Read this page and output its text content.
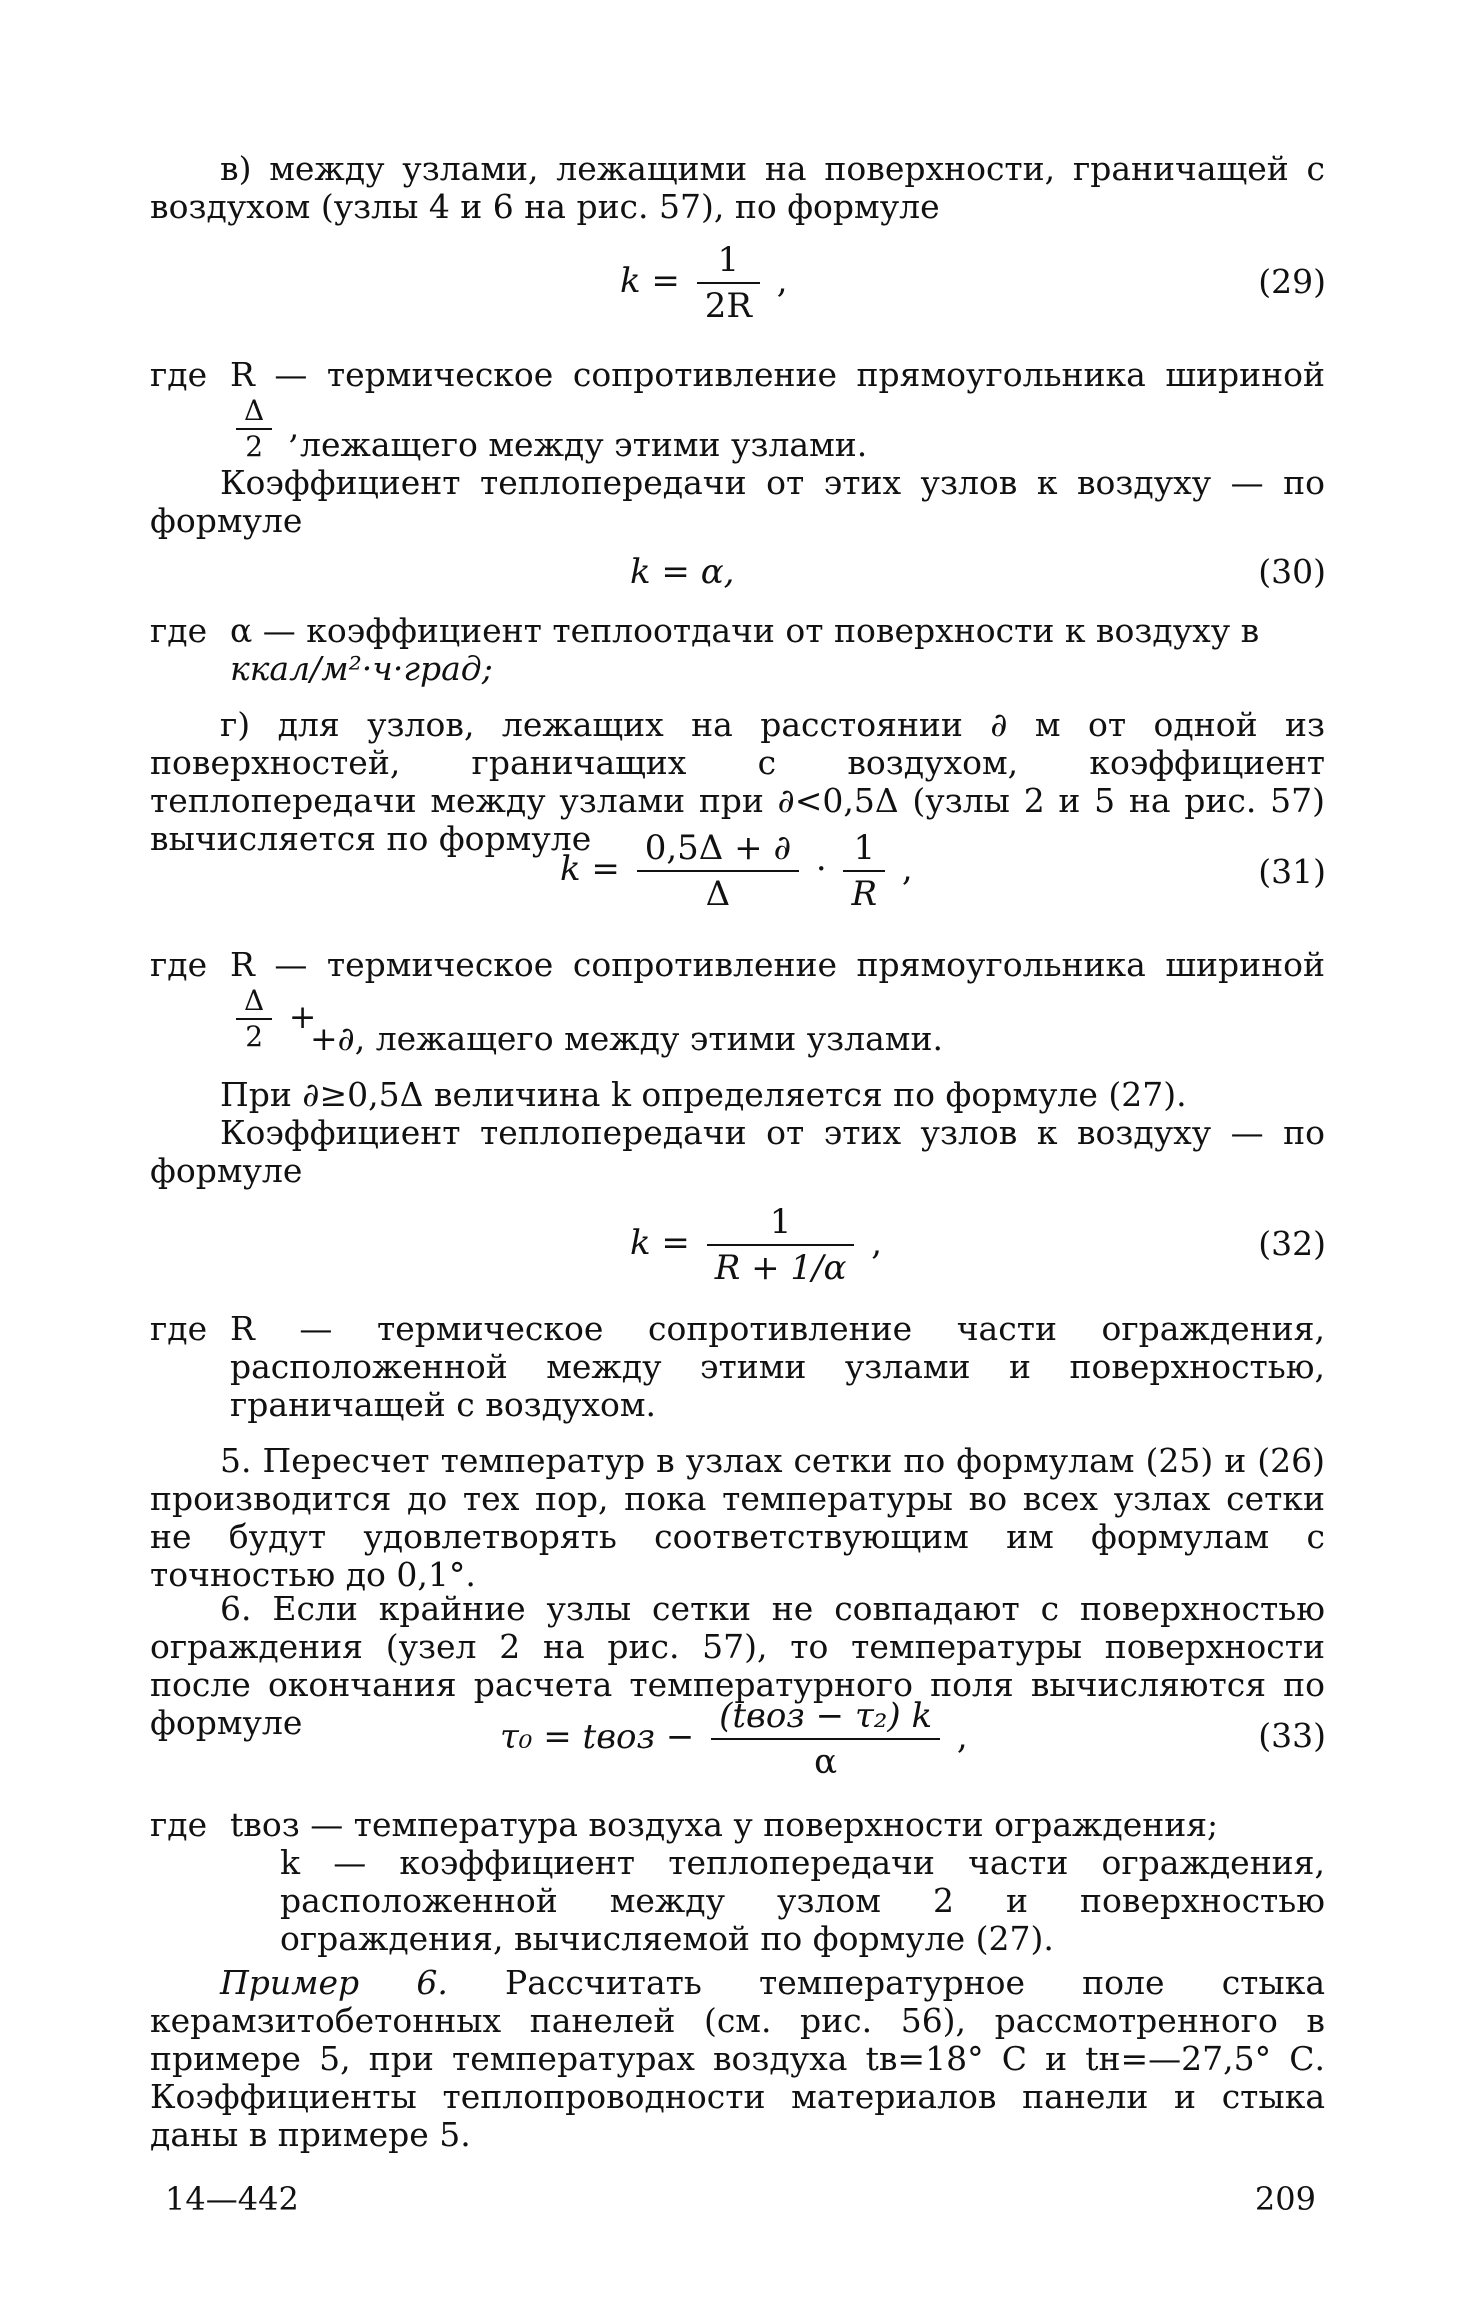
в) между узлами, лежащими на поверхности, граничащей с воздухом (узлы 4 и 6 на рис. 57), по формуле

$k = \frac{1}{2R}$ ,	(29)
где R — термическое сопротивление прямоугольника шириной
$\frac{\Delta}{2}$ , лежащего между этими узлами.

Коэффициент теплопередачи от этих узлов к воздуху — по формуле

k = α,	(30)
где α — коэффициент теплоотдачи от поверхности к воздуху в
ккал/м²·ч·град;

г) для узлов, лежащих на расстоянии ∂ м от одной из поверхностей, граничащих с воздухом, коэффициент теплопередачи между узлами при ∂<0,5Δ (узлы 2 и 5 на рис. 57) вычисляется по формуле

$k = \frac{0,5\Delta + \partial}{\Delta} \cdot \frac{1}{R}$ ,	(31)
где R — термическое сопротивление прямоугольника шириной
$\frac{\Delta}{2}$ +
+∂, лежащего между этими узлами.

При ∂≥0,5Δ величина k определяется по формуле (27).

Коэффициент теплопередачи от этих узлов к воздуху — по формуле

$k = \frac{1}{R + 1/\alpha}$ ,	(32)
где R — термическое сопротивление части ограждения, расположенной между этими узлами и поверхностью, граничащей с воздухом.

5. Пересчет температур в узлах сетки по формулам (25) и (26) производится до тех пор, пока температуры во всех узлах сетки не будут удовлетворять соответствующим им формулам с точностью до 0,1°.

6. Если крайние узлы сетки не совпадают с поверхностью ограждения (узел 2 на рис. 57), то температуры поверхности после окончания расчета температурного поля вычисляются по формуле	τ₀ = tвоз − $\frac{\text{(tвоз − τ₂) k}}{\alpha}$ ,	(33)
где tвоз — температура воздуха у поверхности ограждения;
k — коэффициент теплопередачи части ограждения, расположенной между узлом 2 и поверхностью ограждения, вычисляемой по формуле (27).

Пример 6. Рассчитать температурное поле стыка керамзитобетонных панелей (см. рис. 56), рассмотренного в примере 5, при температурах воздуха tв=18° С и tн=—27,5° С. Коэффициенты теплопроводности материалов панели и стыка даны в примере 5.

14—442	209
